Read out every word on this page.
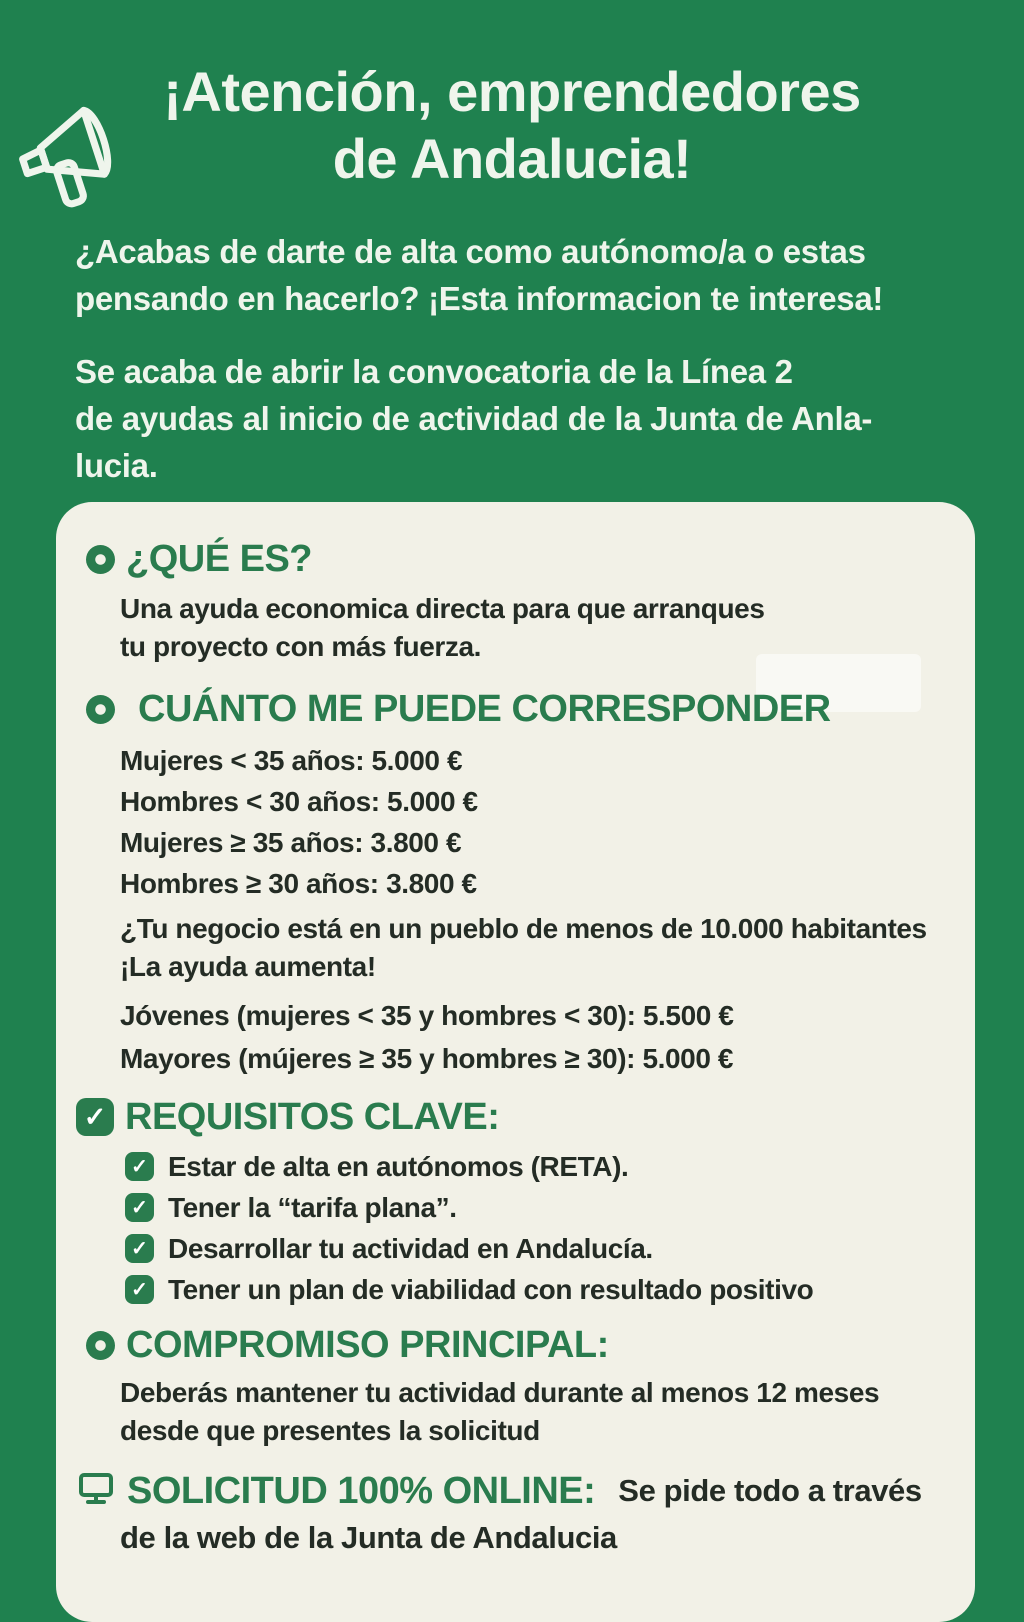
¡Atención, emprendedores
de Andalucia!
¿Acabas de darte de alta como autónomo/a o estas
pensando en hacerlo? ¡Esta informacion te interesa!
Se acaba de abrir la convocatoria de la Línea 2
de ayudas al inicio de actividad de la Junta de Anla-
lucia.
¿QUÉ ES?
Una ayuda economica directa para que arranques
tu proyecto con más fuerza.
CUÁNTO ME PUEDE CORRESPONDER
Mujeres < 35 años: 5.000 €
Hombres < 30 años: 5.000 €
Mujeres ≥ 35 años: 3.800 €
Hombres ≥ 30 años: 3.800 €
¿Tu negocio está en un pueblo de menos de 10.000 habitantes
¡La ayuda aumenta!
Jóvenes (mujeres < 35 y hombres < 30): 5.500 €
Mayores (mújeres ≥ 35 y hombres ≥ 30): 5.000 €
✓ REQUISITOS CLAVE:
✓ Estar de alta en autónomos (RETA).
✓ Tener la “tarifa plana”.
✓ Desarrollar tu actividad en Andalucía.
✓ Tener un plan de viabilidad con resultado positivo
COMPROMISO PRINCIPAL:
Deberás mantener tu actividad durante al menos 12 meses
desde que presentes la solicitud
SOLICITUD 100% ONLINE: Se pide todo a través
de la web de la Junta de Andalucia
